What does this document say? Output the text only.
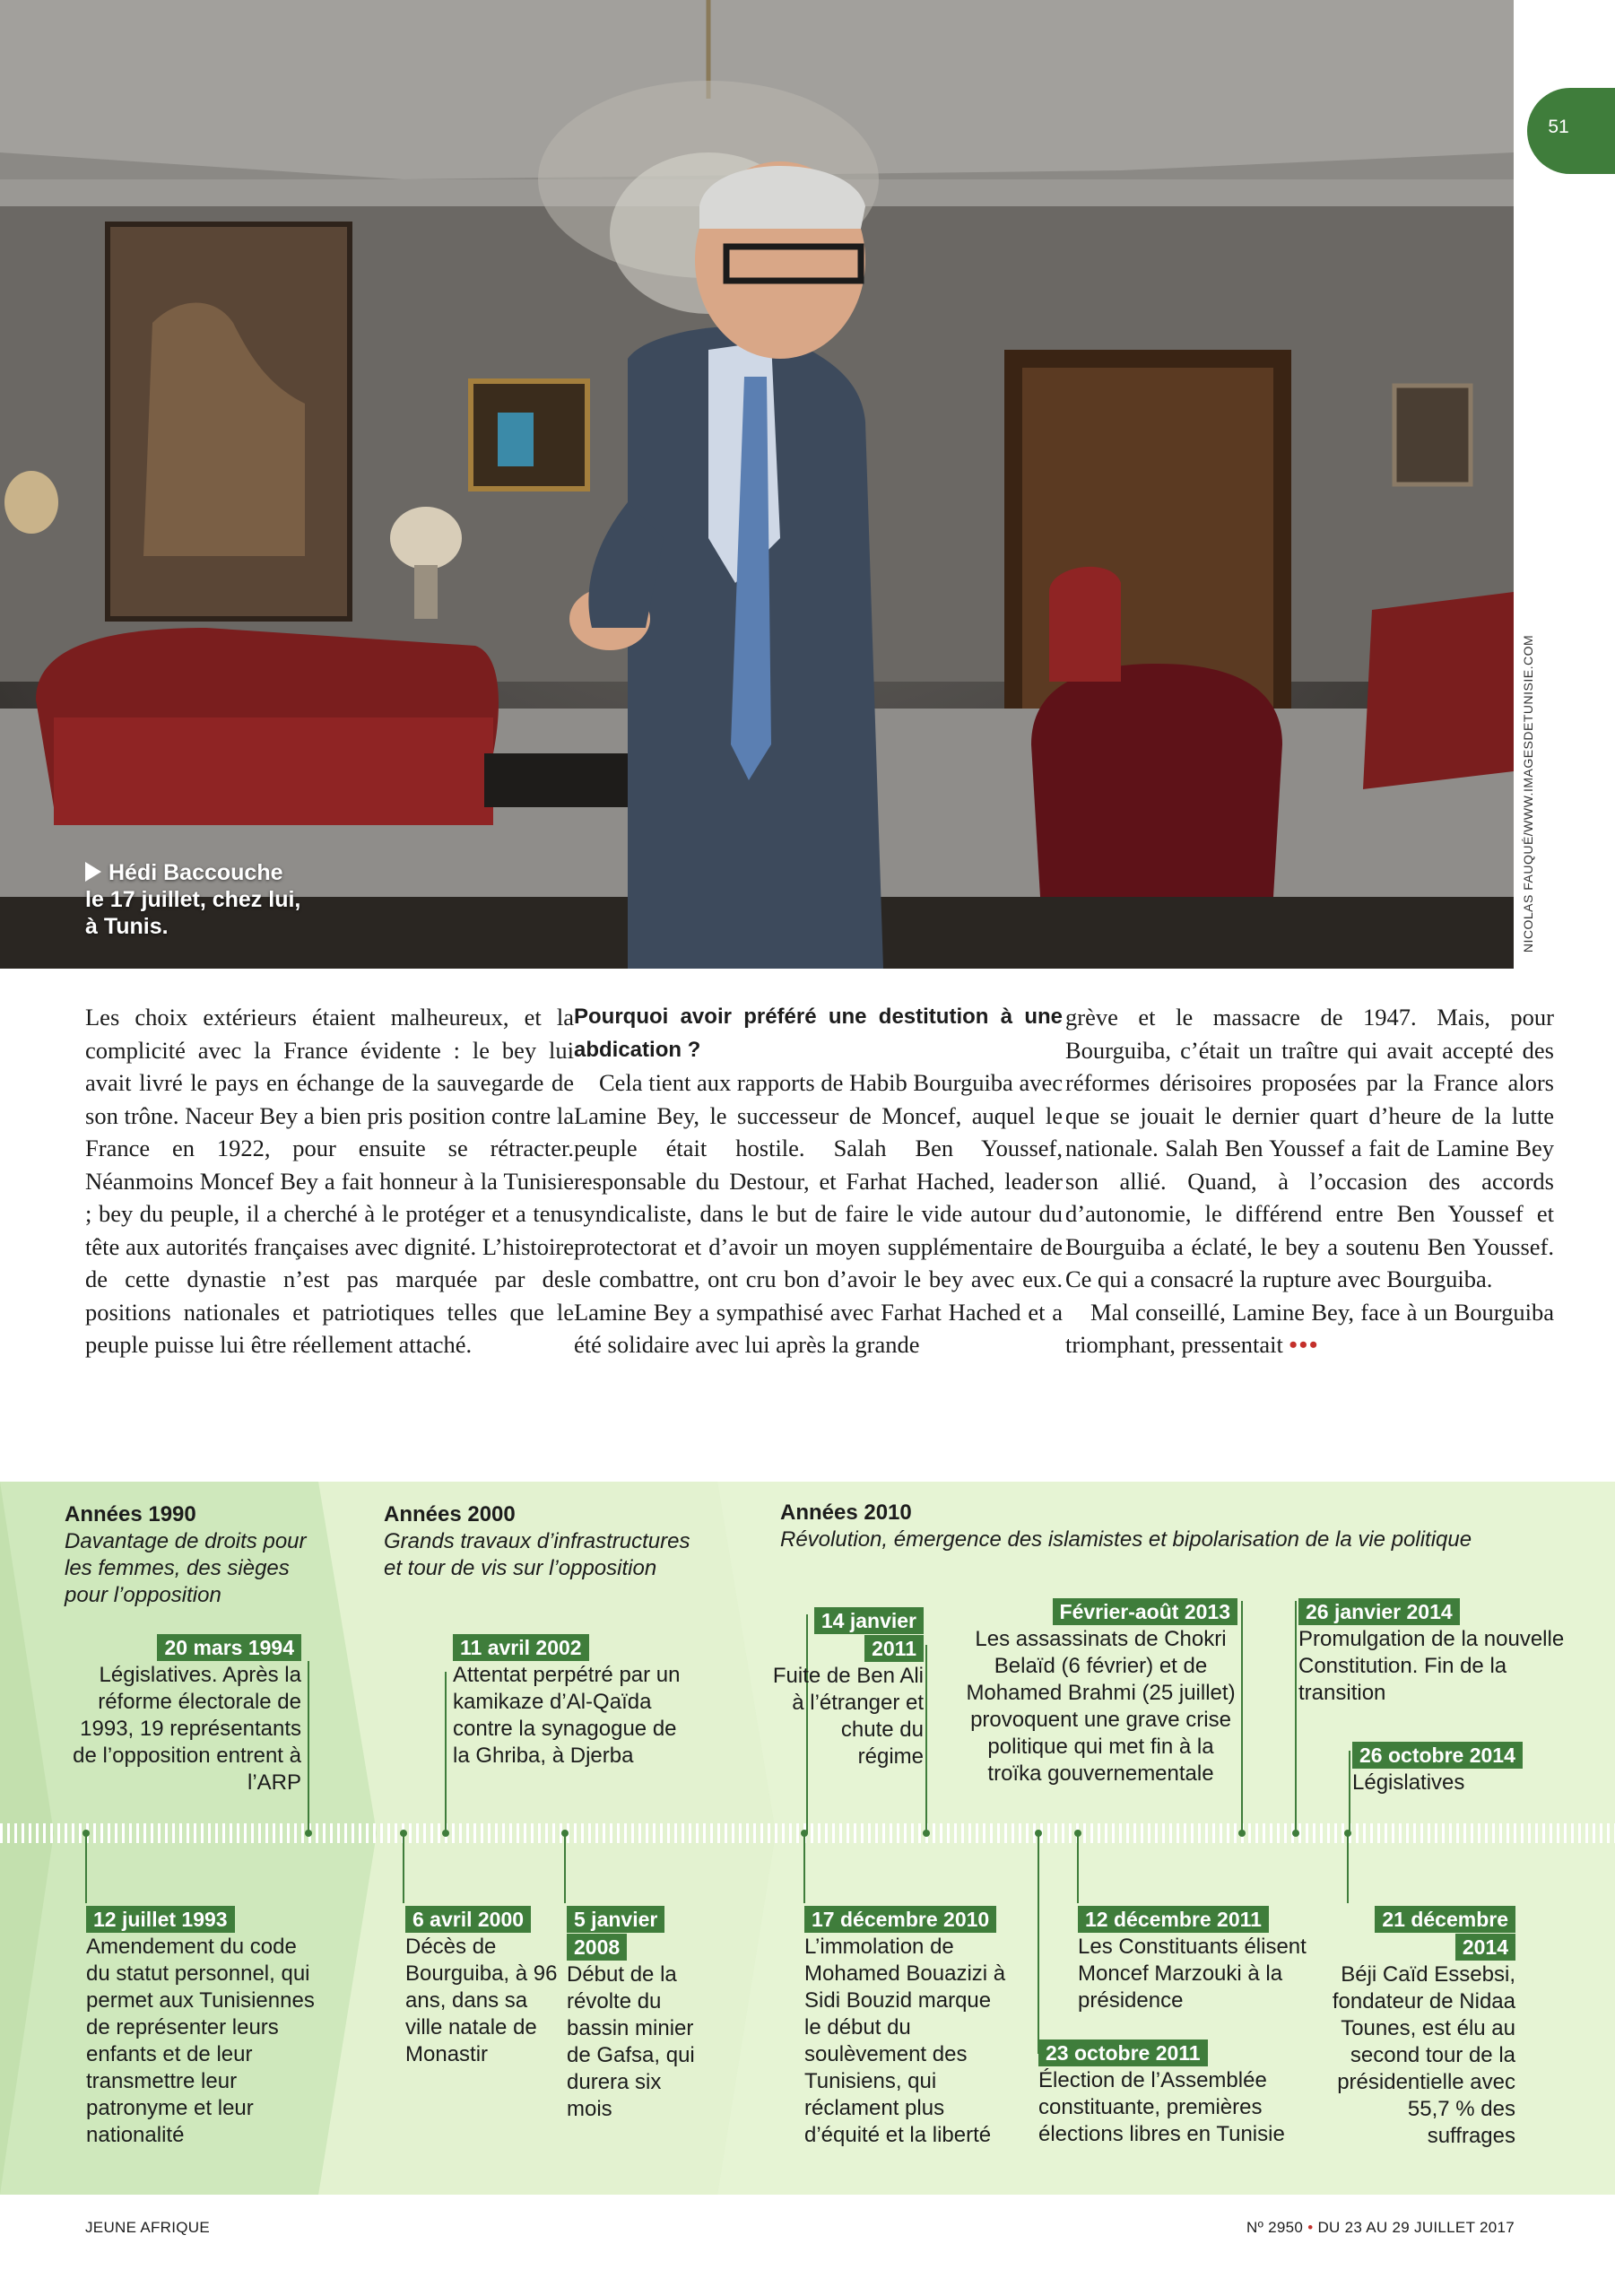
Hédi Baccouche
le 17 juillet, chez lui,
à Tunis.	NICOLAS FAUQUÉ/WWW.IMAGESDETUNISIE.COM
51

Les choix extérieurs étaient malheureux, et la complicité avec la France évidente : le bey lui avait livré le pays en échange de la sauvegarde de son trône. Naceur Bey a bien pris position contre la France en 1922, pour ensuite se rétracter. Néanmoins Moncef Bey a fait honneur à la Tunisie ; bey du peuple, il a cherché à le protéger et a tenu tête aux autorités françaises avec dignité. L’histoire de cette dynastie n’est pas marquée par des positions nationales et patriotiques telles que le peuple puisse lui être réellement attaché.

Pourquoi avoir préféré une destitution à une abdication ?

Cela tient aux rapports de Habib Bourguiba avec Lamine Bey, le successeur de Moncef, auquel le peuple était hostile. Salah Ben Youssef, responsable du Destour, et Farhat Hached, leader syndicaliste, dans le but de faire le vide autour du protectorat et d’avoir un moyen supplémentaire de le combattre, ont cru bon d’avoir le bey avec eux. Lamine Bey a sympathisé avec Farhat Hached et a été solidaire avec lui après la grande

grève et le massacre de 1947. Mais, pour Bourguiba, c’était un traître qui avait accepté des réformes dérisoires proposées par la France alors que se jouait le dernier quart d’heure de la lutte nationale. Salah Ben Youssef a fait de Lamine Bey son allié. Quand, à l’occasion des accords d’autonomie, le différend entre Ben Youssef et Bourguiba a éclaté, le bey a soutenu Ben Youssef. Ce qui a consacré la rupture avec Bourguiba.

Mal conseillé, Lamine Bey, face à un Bourguiba triomphant, pressentait •••

Années 1990
Davantage de droits pour les femmes, des sièges pour l’opposition
Années 2000
Grands travaux d’infrastructures et tour de vis sur l’opposition
Années 2010
Révolution, émergence des islamistes et bipolarisation de la vie politique
20 mars 1994
Législatives. Après la réforme électorale de 1993, 19 représentants de l’opposition entrent à l’ARP
11 avril 2002
Attentat perpétré par un kamikaze d’Al-Qaïda contre la synagogue de la Ghriba, à Djerba
14 janvier
2011
Fuite de Ben Ali à l’étranger et chute du régime
Février-août 2013
Les assassinats de Chokri Belaïd (6 février) et de Mohamed Brahmi (25 juillet) provoquent une grave crise politique qui met fin à la troïka gouvernementale
26 janvier 2014
Promulgation de la nouvelle Constitution. Fin de la transition
26 octobre 2014
Législatives
12 juillet 1993
Amendement du code du statut personnel, qui permet aux Tunisiennes de représenter leurs enfants et de leur transmettre leur patronyme et leur nationalité
6 avril 2000
Décès de Bourguiba, à 96 ans, dans sa ville natale de Monastir
5 janvier
2008
Début de la révolte du bassin minier de Gafsa, qui durera six mois
17 décembre 2010
L’immolation de Mohamed Bouazizi à Sidi Bouzid marque le début du soulèvement des Tunisiens, qui réclament plus d’équité et la liberté
12 décembre 2011
Les Constituants élisent Moncef Marzouki à la présidence
23 octobre 2011
Élection de l’Assemblée constituante, premières élections libres en Tunisie
21 décembre
2014
Béji Caïd Essebsi, fondateur de Nidaa Tounes, est élu au second tour de la présidentielle avec 55,7 % des suffrages
JEUNE AFRIQUE	Nº 2950 • DU 23 AU 29 JUILLET 2017
